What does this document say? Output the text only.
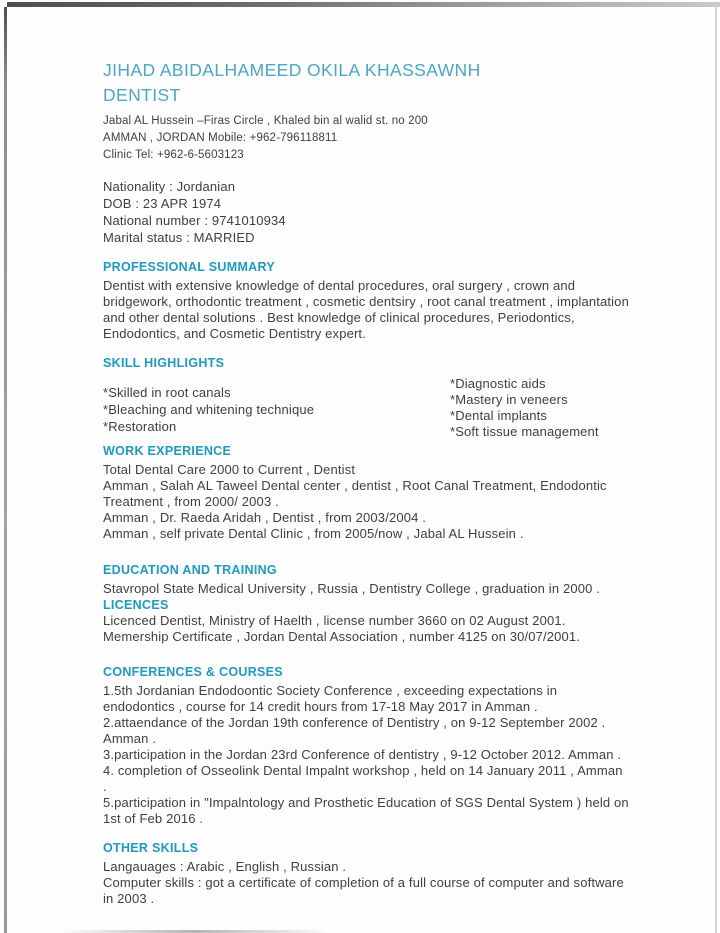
JIHAD ABIDALHAMEED OKILA KHASSAWNH
DENTIST
Jabal AL Hussein –Firas Circle , Khaled bin al walid st. no 200
AMMAN , JORDAN Mobile: +962-796118811
Clinic Tel: +962-6-5603123
Nationality : Jordanian
DOB : 23 APR 1974
National number : 9741010934
Marital status : MARRIED
PROFESSIONAL SUMMARY

Dentist with extensive knowledge of dental procedures, oral surgery , crown and bridgework, orthodontic treatment , cosmetic dentsiry , root canal treatment , implantation and other dental solutions . Best knowledge of clinical procedures, Periodontics, Endodontics, and Cosmetic Dentistry expert.

SKILL HIGHLIGHTS
*Skilled in root canals
*Bleaching and whitening technique
*Restoration
*Diagnostic aids
*Mastery in veneers
*Dental implants
*Soft tissue management
WORK EXPERIENCE

Total Dental Care 2000 to Current , Dentist

Amman , Salah AL Taweel Dental center , dentist , Root Canal Treatment, Endodontic Treatment , from 2000/ 2003 .

Amman , Dr. Raeda Aridah , Dentist , from 2003/2004 .

Amman , self private Dental Clinic , from 2005/now , Jabal AL Hussein .

EDUCATION AND TRAINING

Stavropol State Medical University , Russia , Dentistry College , graduation in 2000 .

LICENCES

Licenced Dentist, Ministry of Haelth , license number 3660 on 02 August 2001.

Memership Certificate , Jordan Dental Association , number 4125 on 30/07/2001.

CONFERENCES & COURSES

1.5th Jordanian Endodoontic Society Conference , exceeding expectations in endodontics , course for 14 credit hours from 17-18 May 2017 in Amman .

2.attaendance of the Jordan 19th conference of Dentistry , on 9-12 September 2002 . Amman .

3.participation in the Jordan 23rd Conference of dentistry , 9-12 October 2012. Amman .

4. completion of Osseolink Dental Impalnt workshop , held on 14 January 2011 , Amman .

5.participation in "Impalntology and Prosthetic Education of SGS Dental System ) held on 1st of Feb 2016 .

OTHER SKILLS

Langauages : Arabic , English , Russian .

Computer skills : got a certificate of completion of a full course of computer and software in 2003 .
